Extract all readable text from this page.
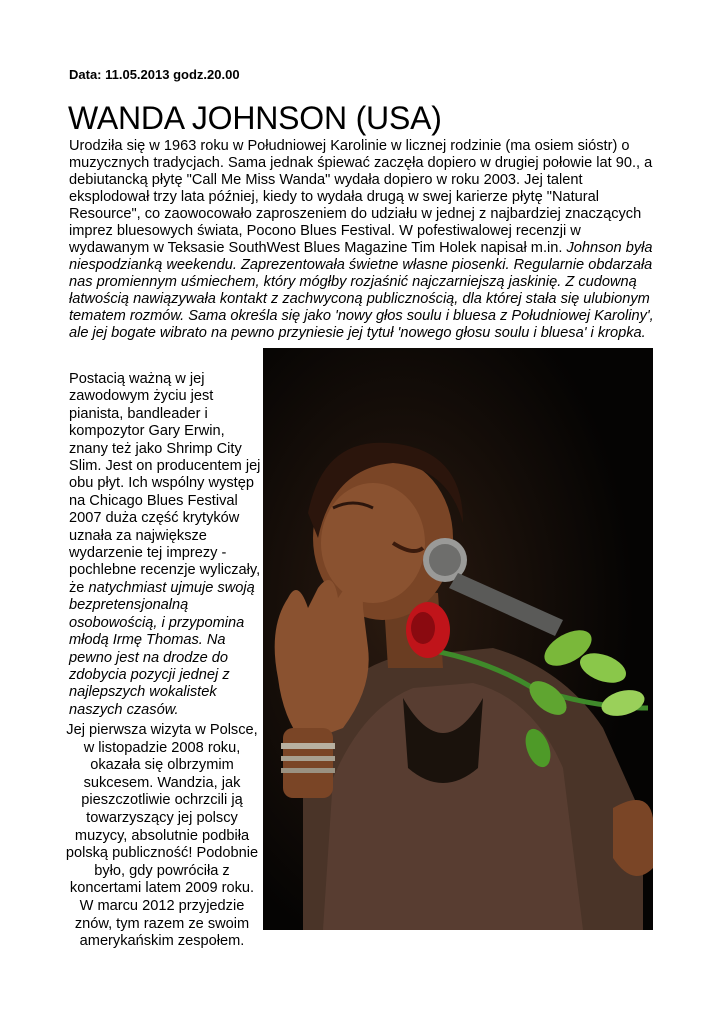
Data: 11.05.2013 godz.20.00
WANDA JOHNSON (USA)

Urodziła się w 1963 roku w Południowej Karolinie w licznej rodzinie (ma osiem sióstr) o muzycznych tradycjach. Sama jednak śpiewać zaczęła dopiero w drugiej połowie lat 90., a debiutancką płytę "Call Me Miss Wanda" wydała dopiero w roku 2003. Jej talent eksplodował trzy lata później, kiedy to wydała drugą w swej karierze płytę "Natural Resource", co zaowocowało zaproszeniem do udziału w jednej z najbardziej znaczących imprez bluesowych świata, Pocono Blues Festival. W pofestiwalowej recenzji w wydawanym w Teksasie SouthWest Blues Magazine Tim Holek napisał m.in. Johnson była niespodzianką weekendu. Zaprezentowała świetne własne piosenki. Regularnie obdarzała nas promiennym uśmiechem, który mógłby rozjaśnić najczarniejszą jaskinię. Z cudowną łatwością nawiązywała kontakt z zachwyconą publicznością, dla której stała się ulubionym tematem rozmów. Sama określa się jako 'nowy głos soulu i bluesa z Południowej Karoliny', ale jej bogate wibrato na pewno przyniesie jej tytuł 'nowego głosu soulu i bluesa' i kropka.

Postacią ważną w jej zawodowym życiu jest pianista, bandleader i kompozytor Gary Erwin, znany też jako Shrimp City Slim. Jest on producentem jej obu płyt. Ich wspólny występ na Chicago Blues Festival 2007 duża część krytyków uznała za największe wydarzenie tej imprezy - pochlebne recenzje wyliczały, że natychmiast ujmuje swoją bezpretensjonalną osobowością, i przypomina młodą Irmę Thomas. Na pewno jest na drodze do zdobycia pozycji jednej z najlepszych wokalistek naszych czasów.

Jej pierwsza wizyta w Polsce, w listopadzie 2008 roku, okazała się olbrzymim sukcesem. Wandzia, jak pieszczotliwie ochrzcili ją towarzyszący jej polscy muzycy, absolutnie podbiła polską publiczność! Podobnie było, gdy powróciła z koncertami latem 2009 roku. W marcu 2012 przyjedzie znów, tym razem ze swoim amerykańskim zespołem.
